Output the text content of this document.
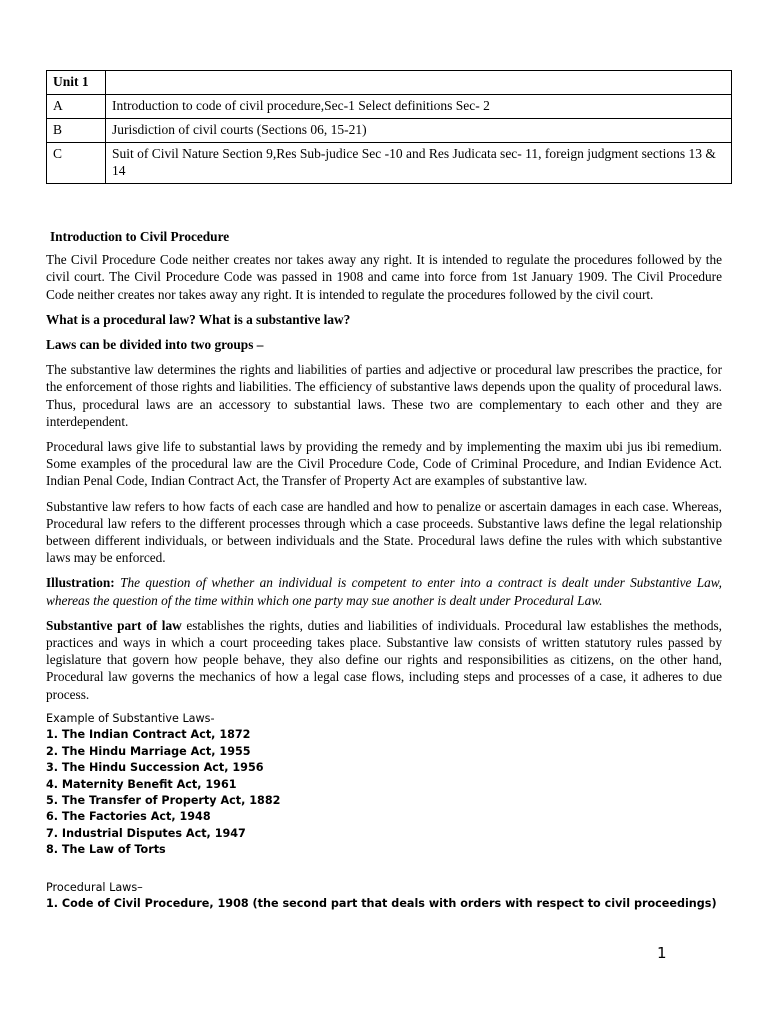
Unit 1	
A	Introduction to code of civil procedure,Sec-1 Select definitions Sec- 2
B	Jurisdiction of civil courts (Sections 06, 15-21)
C	Suit of Civil Nature Section 9,Res Sub-judice Sec -10 and Res Judicata sec- 11, foreign judgment sections 13 & 14

Introduction to Civil Procedure

The Civil Procedure Code neither creates nor takes away any right. It is intended to regulate the procedures followed by the civil court. The Civil Procedure Code was passed in 1908 and came into force from 1st January 1909. The Civil Procedure Code neither creates nor takes away any right. It is intended to regulate the procedures followed by the civil court.

What is a procedural law? What is a substantive law?

Laws can be divided into two groups –

The substantive law determines the rights and liabilities of parties and adjective or procedural law prescribes the practice, for the enforcement of those rights and liabilities. The efficiency of substantive laws depends upon the quality of procedural laws. Thus, procedural laws are an accessory to substantial laws. These two are complementary to each other and they are interdependent.

Procedural laws give life to substantial laws by providing the remedy and by implementing the maxim ubi jus ibi remedium. Some examples of the procedural law are the Civil Procedure Code, Code of Criminal Procedure, and Indian Evidence Act. Indian Penal Code, Indian Contract Act, the Transfer of Property Act are examples of substantive law.

Substantive law refers to how facts of each case are handled and how to penalize or ascertain damages in each case. Whereas, Procedural law refers to the different processes through which a case proceeds. Substantive laws define the legal relationship between different individuals, or between individuals and the State. Procedural laws define the rules with which substantive laws may be enforced.

Illustration: The question of whether an individual is competent to enter into a contract is dealt under Substantive Law, whereas the question of the time within which one party may sue another is dealt under Procedural Law.

Substantive part of law establishes the rights, duties and liabilities of individuals. Procedural law establishes the methods, practices and ways in which a court proceeding takes place. Substantive law consists of written statutory rules passed by legislature that govern how people behave, they also define our rights and responsibilities as citizens, on the other hand, Procedural law governs the mechanics of how a legal case flows, including steps and processes of a case, it adheres to due process.

Example of Substantive Laws-
1. The Indian Contract Act, 1872
2. The Hindu Marriage Act, 1955
3. The Hindu Succession Act, 1956
4. Maternity Benefit Act, 1961
5. The Transfer of Property Act, 1882
6. The Factories Act, 1948
7. Industrial Disputes Act, 1947
8. The Law of Torts
Procedural Laws–
1. Code of Civil Procedure, 1908 (the second part that deals with orders with respect to civil proceedings)
1
